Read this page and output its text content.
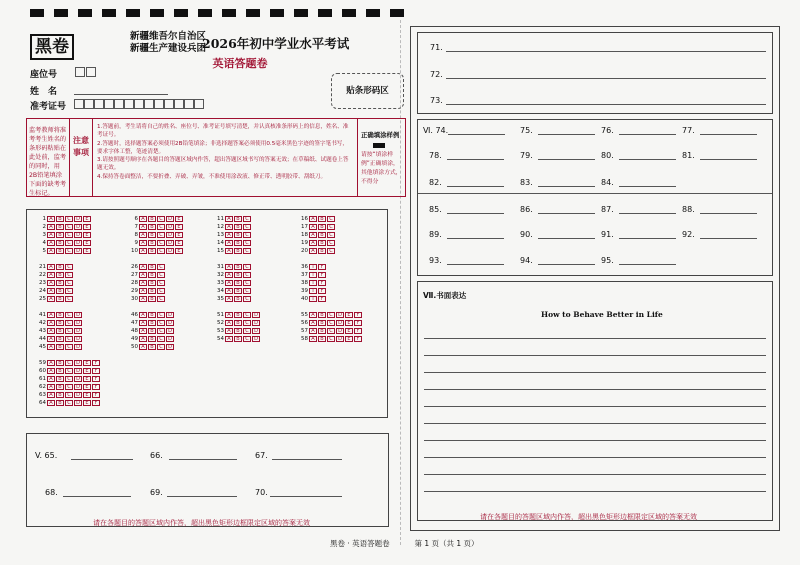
黑卷
新疆维吾尔自治区
新疆生产建设兵团
2026年初中学业水平考试
英语答题卷
座位号
姓　名
准考证号
贴条形码区
监考教师将准考考生姓名的条形码粘贴在此处前，监考的同时，用2B铅笔填涂下面的缺考考生标记。
注意事项
1.答题前，考生请将自己的姓名、座位号、准考证号填写清楚，并认真核准条形码上的信息，姓名、准考证号。
2.答题时，选择题答案必须使用2B铅笔填涂；非选择题答案必须使用0.5毫米黑色字迹的签字笔书写，要求字体工整，笔迹清楚。
3.请按照题号顺序在各题目的答题区域内作答，超出答题区域书写的答案无效；在草稿纸、试题卷上答题无效。
4.保持答卷面整洁，不要折叠、弄破、弄皱，不准使用涂改液、修正带、透明胶带、刮纸刀。
正确填涂样例
请按“填涂样例”正确填涂，其他填涂方式，不得分
1 A B C D E
2 A B C D E
3 A B C D E
4 A B C D E
5 A B C D E
6 A B C D E
7 A B C D E
8 A B C D E
9 A B C D E
10 A B C D E
11 A B C
12 A B C
13 A B C
14 A B C
15 A B C
16 A B C
17 A B C
18 A B C
19 A B C
20 A B C
21 A B C
22 A B C
23 A B C
24 A B C
25 A B C
26 A B C
27 A B C
28 A B C
29 A B C
30 A B C
31 A B C
32 A B C
33 A B C
34 A B C
35 A B C
36 T F
37 T F
38 T F
39 T F
40 T F
41 A B C D
42 A B C D
43 A B C D
44 A B C D
45 A B C D
46 A B C D
47 A B C D
48 A B C D
49 A B C D
50 A B C D
51 A B C D
52 A B C D
53 A B C D
54 A B C D
55 A B C D E F
56 A B C D E F
57 A B C D E F
58 A B C D E F
59 A B C D E F
60 A B C D E F
61 A B C D E F
62 A B C D E F
63 A B C D E F
64 A B C D E F
V. 65.	66.	67.
68.	69.	70.
请在各题目的答题区域内作答，超出黑色矩形边框限定区域的答案无效
71.
72.
73.
Ⅵ. 74.	75.	76.	77.
78.	79.	80.	81.
82.	83.	84.
85.	86.	87.	88.
89.	90.	91.	92.
93.	94.	95.
Ⅶ.书面表达
How to Behave Better in Life
请在各题目的答题区域内作答，超出黑色矩形边框限定区域的答案无效
黑卷 · 英语答题卷	第 1 页（共 1 页）
